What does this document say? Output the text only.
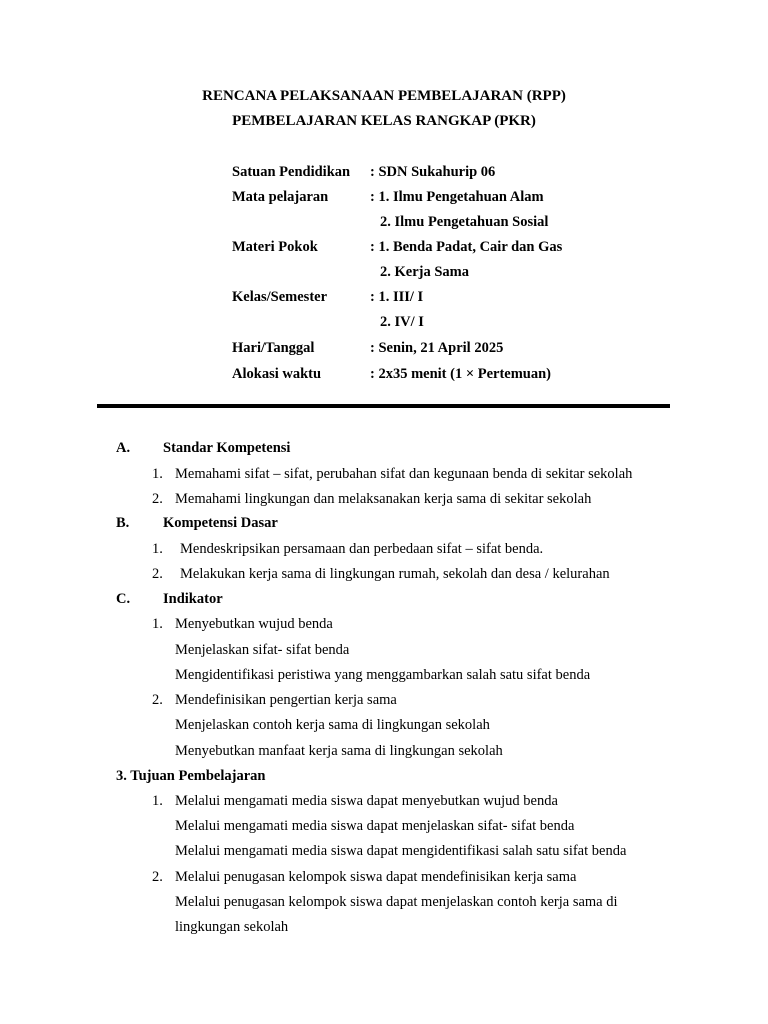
RENCANA PELAKSANAAN PEMBELAJARAN (RPP)
PEMBELAJARAN KELAS RANGKAP (PKR)
Satuan Pendidikan : SDN Sukahurip 06
Mata pelajaran	: 1. Ilmu Pengetahuan Alam
2. Ilmu Pengetahuan Sosial
Materi Pokok	: 1. Benda Padat, Cair dan Gas
2. Kerja Sama
Kelas/Semester	: 1. III/ I
2. IV/ I
Hari/Tanggal	: Senin, 21 April 2025
Alokasi waktu	: 2x35 menit (1 × Pertemuan)
A. Standar Kompetensi
1. Memahami sifat – sifat, perubahan sifat dan kegunaan benda di sekitar sekolah
2. Memahami lingkungan dan melaksanakan kerja sama di sekitar sekolah
B. Kompetensi Dasar
1. Mendeskripsikan persamaan dan perbedaan sifat – sifat benda.
2. Melakukan kerja sama di lingkungan rumah, sekolah dan desa / kelurahan
C. Indikator
1. Menyebutkan wujud benda
Menjelaskan sifat- sifat benda
Mengidentifikasi peristiwa yang menggambarkan salah satu sifat benda
2. Mendefinisikan pengertian kerja sama
Menjelaskan contoh kerja sama di lingkungan sekolah
Menyebutkan manfaat kerja sama di lingkungan sekolah
3. Tujuan Pembelajaran
1. Melalui mengamati media siswa dapat menyebutkan wujud benda
Melalui mengamati media siswa dapat menjelaskan sifat- sifat benda
Melalui mengamati media siswa dapat mengidentifikasi salah satu sifat benda
2. Melalui penugasan kelompok siswa dapat mendefinisikan kerja sama
Melalui penugasan kelompok siswa dapat menjelaskan contoh kerja sama di
lingkungan sekolah
